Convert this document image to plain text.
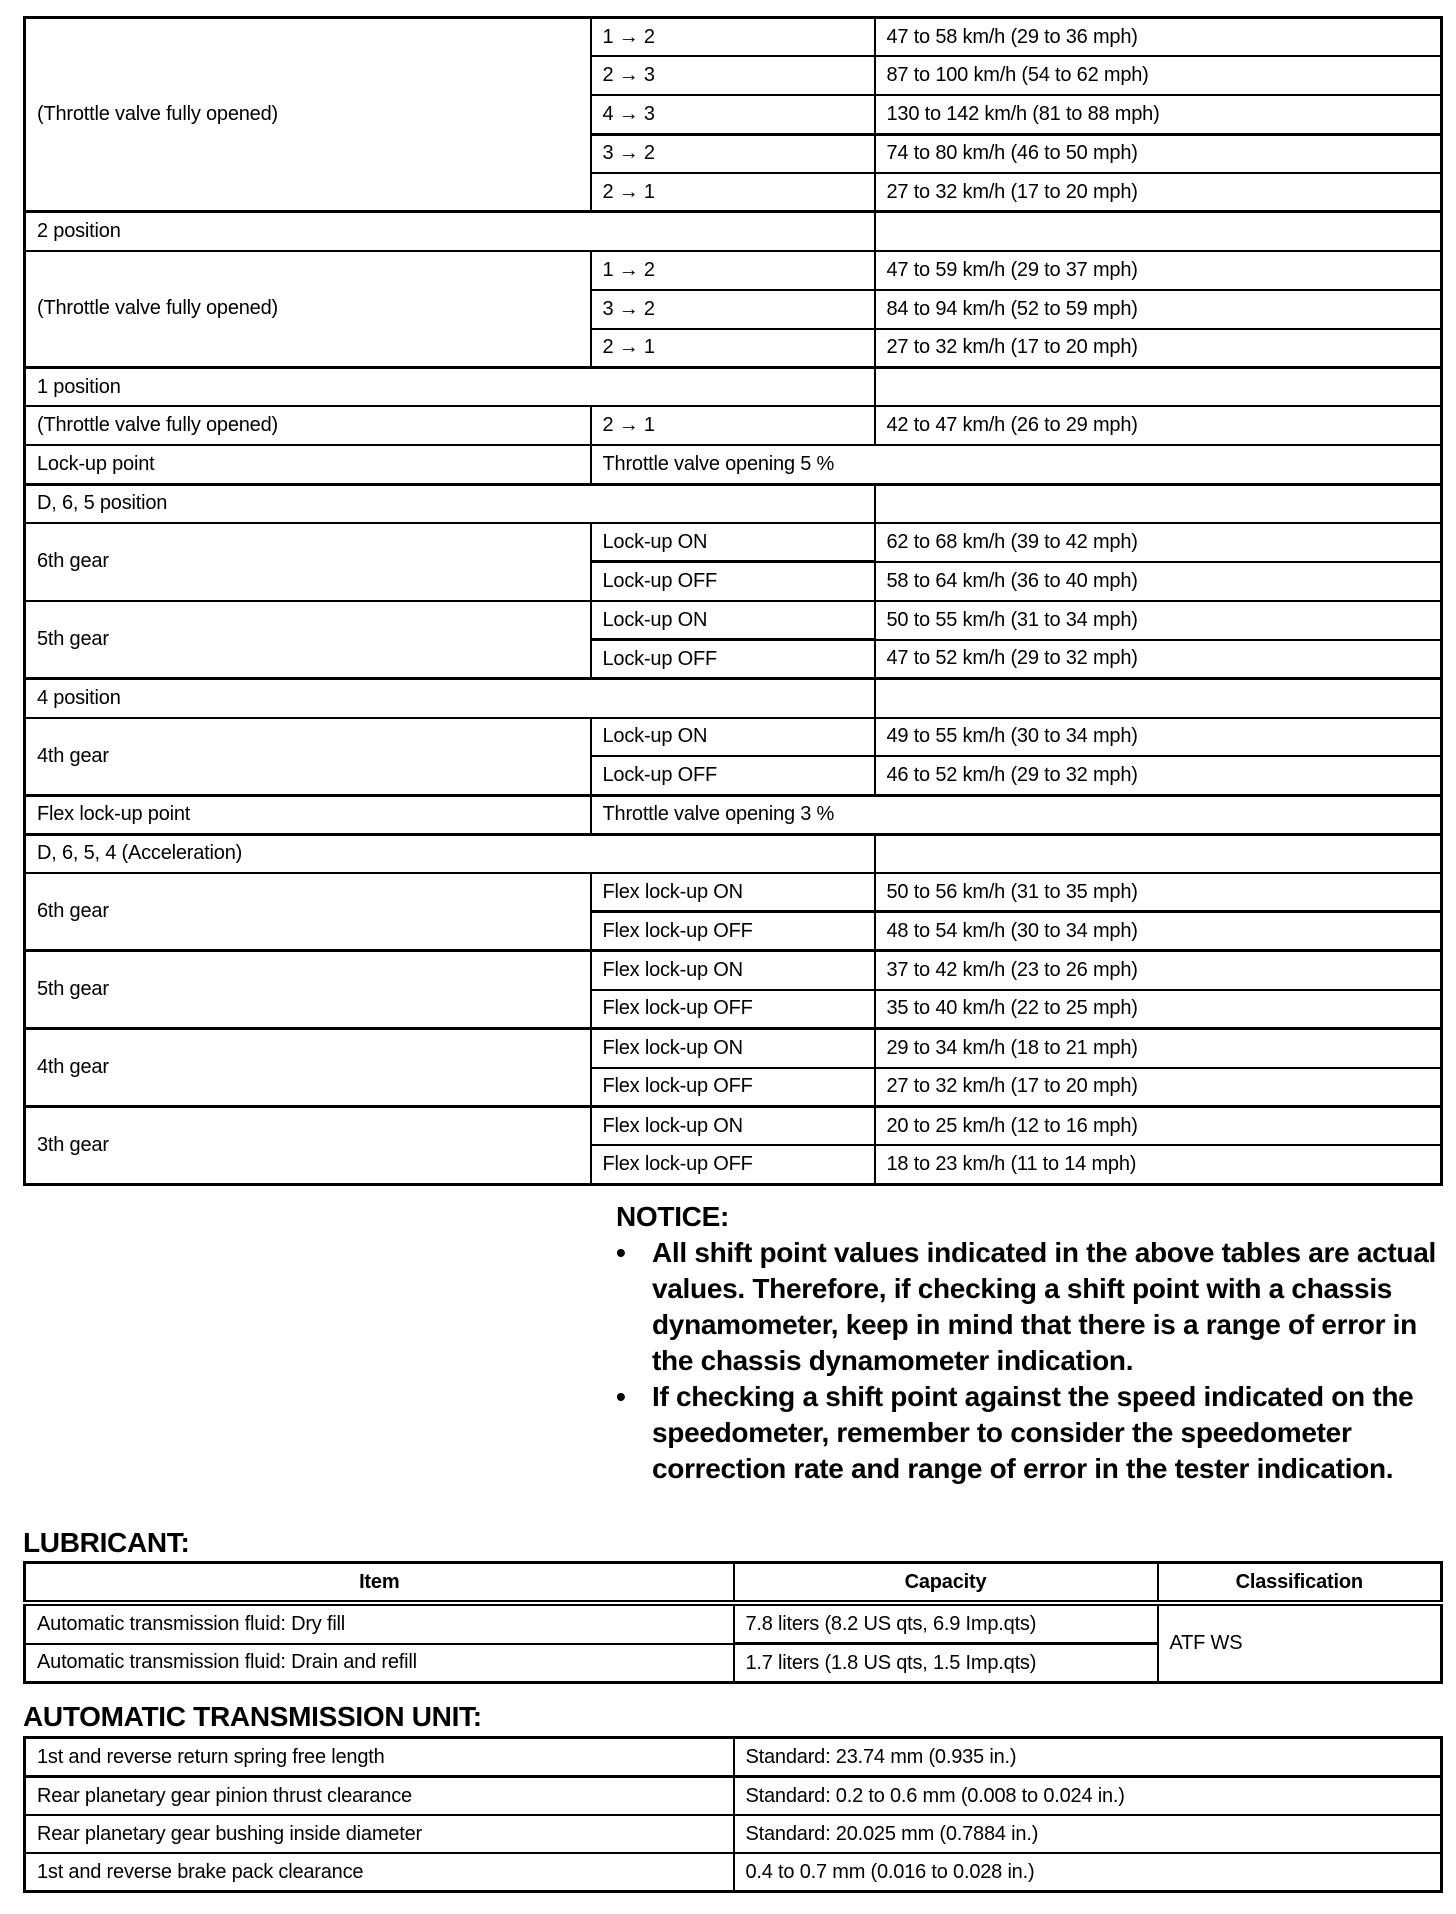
(Throttle valve fully opened)	1 → 2	47 to 58 km/h (29 to 36 mph)
	2 → 3	87 to 100 km/h (54 to 62 mph)
	4 → 3	130 to 142 km/h (81 to 88 mph)
	3 → 2	74 to 80 km/h (46 to 50 mph)
	2 → 1	27 to 32 km/h (17 to 20 mph)
2 position		
(Throttle valve fully opened)	1 → 2	47 to 59 km/h (29 to 37 mph)
	3 → 2	84 to 94 km/h (52 to 59 mph)
	2 → 1	27 to 32 km/h (17 to 20 mph)
1 position		
(Throttle valve fully opened)	2 → 1	42 to 47 km/h (26 to 29 mph)
Lock-up point	Throttle valve opening 5 %	
D, 6, 5 position		
6th gear	Lock-up ON	62 to 68 km/h (39 to 42 mph)
	Lock-up OFF	58 to 64 km/h (36 to 40 mph)
5th gear	Lock-up ON	50 to 55 km/h (31 to 34 mph)
	Lock-up OFF	47 to 52 km/h (29 to 32 mph)
4 position		
4th gear	Lock-up ON	49 to 55 km/h (30 to 34 mph)
	Lock-up OFF	46 to 52 km/h (29 to 32 mph)
Flex lock-up point	Throttle valve opening 3 %	
D, 6, 5, 4 (Acceleration)		
6th gear	Flex lock-up ON	50 to 56 km/h (31 to 35 mph)
	Flex lock-up OFF	48 to 54 km/h (30 to 34 mph)
5th gear	Flex lock-up ON	37 to 42 km/h (23 to 26 mph)
	Flex lock-up OFF	35 to 40 km/h (22 to 25 mph)
4th gear	Flex lock-up ON	29 to 34 km/h (18 to 21 mph)
	Flex lock-up OFF	27 to 32 km/h (17 to 20 mph)
3th gear	Flex lock-up ON	20 to 25 km/h (12 to 16 mph)
	Flex lock-up OFF	18 to 23 km/h (11 to 14 mph)
NOTICE:
• All shift point values indicated in the above tables are actual values. Therefore, if checking a shift point with a chassis dynamometer, keep in mind that there is a range of error in the chassis dynamometer indication.
• If checking a shift point against the speed indicated on the speedometer, remember to consider the speedometer correction rate and range of error in the tester indication.
LUBRICANT:
Item	Capacity	Classification
Automatic transmission fluid: Dry fill	7.8 liters (8.2 US qts, 6.9 Imp.qts)	ATF WS
Automatic transmission fluid: Drain and refill	1.7 liters (1.8 US qts, 1.5 Imp.qts)	
AUTOMATIC TRANSMISSION UNIT:
1st and reverse return spring free length	Standard: 23.74 mm (0.935 in.)
Rear planetary gear pinion thrust clearance	Standard: 0.2 to 0.6 mm (0.008 to 0.024 in.)
Rear planetary gear bushing inside diameter	Standard: 20.025 mm (0.7884 in.)
1st and reverse brake pack clearance	0.4 to 0.7 mm (0.016 to 0.028 in.)
